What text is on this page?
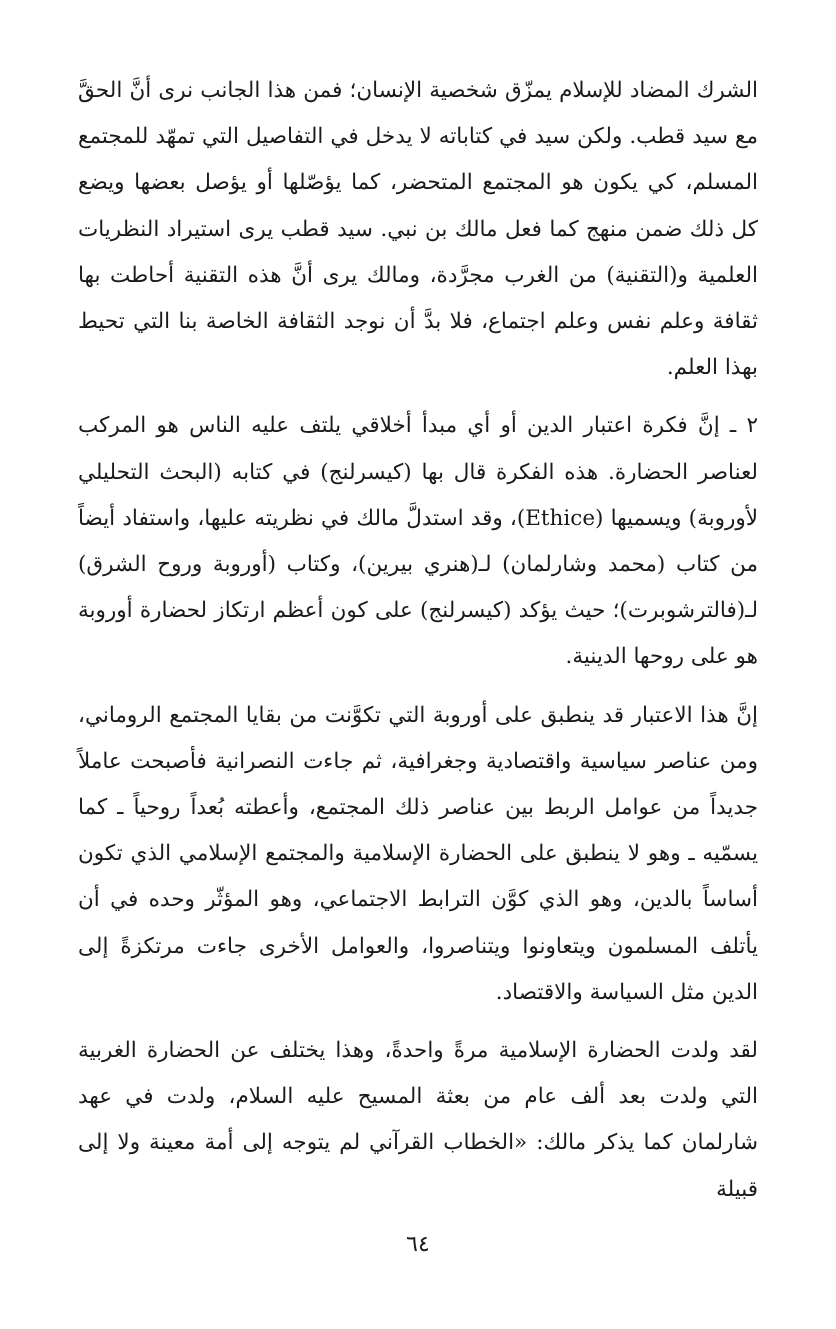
الشرك المضاد للإسلام يمزّق شخصية الإنسان؛ فمن هذا الجانب نرى أنَّ الحقَّ مع سيد قطب. ولكن سيد في كتاباته لا يدخل في التفاصيل التي تمهّد للمجتمع المسلم، كي يكون هو المجتمع المتحضر، كما يؤصّلها أو يؤصل بعضها ويضع كل ذلك ضمن منهج كما فعل مالك بن نبي. سيد قطب يرى استيراد النظريات العلمية و(التقنية) من الغرب مجرَّدة، ومالك يرى أنَّ هذه التقنية أحاطت بها ثقافة وعلم نفس وعلم اجتماع، فلا بدَّ أن نوجد الثقافة الخاصة بنا التي تحيط بهذا العلم.

٢ ـ إنَّ فكرة اعتبار الدين أو أي مبدأ أخلاقي يلتف عليه الناس هو المركب لعناصر الحضارة. هذه الفكرة قال بها (كيسرلنج) في كتابه (البحث التحليلي لأوروبة) ويسميها (Ethice)، وقد استدلَّ مالك في نظريته عليها، واستفاد أيضاً من كتاب (محمد وشارلمان) لـ(هنري بيرين)، وكتاب (أوروبة وروح الشرق) لـ(فالترشوبرت)؛ حيث يؤكد (كيسرلنج) على كون أعظم ارتكاز لحضارة أوروبة هو على روحها الدينية.

إنَّ هذا الاعتبار قد ينطبق على أوروبة التي تكوَّنت من بقايا المجتمع الروماني، ومن عناصر سياسية واقتصادية وجغرافية، ثم جاءت النصرانية فأصبحت عاملاً جديداً من عوامل الربط بين عناصر ذلك المجتمع، وأعطته بُعداً روحياً ـ كما يسمّيه ـ وهو لا ينطبق على الحضارة الإسلامية والمجتمع الإسلامي الذي تكون أساساً بالدين، وهو الذي كوَّن الترابط الاجتماعي، وهو المؤثّر وحده في أن يأتلف المسلمون ويتعاونوا ويتناصروا، والعوامل الأخرى جاءت مرتكزةً إلى الدين مثل السياسة والاقتصاد.

لقد ولدت الحضارة الإسلامية مرةً واحدةً، وهذا يختلف عن الحضارة الغربية التي ولدت بعد ألف عام من بعثة المسيح عليه السلام، ولدت في عهد شارلمان كما يذكر مالك: «الخطاب القرآني لم يتوجه إلى أمة معينة ولا إلى قبيلة

٦٤
